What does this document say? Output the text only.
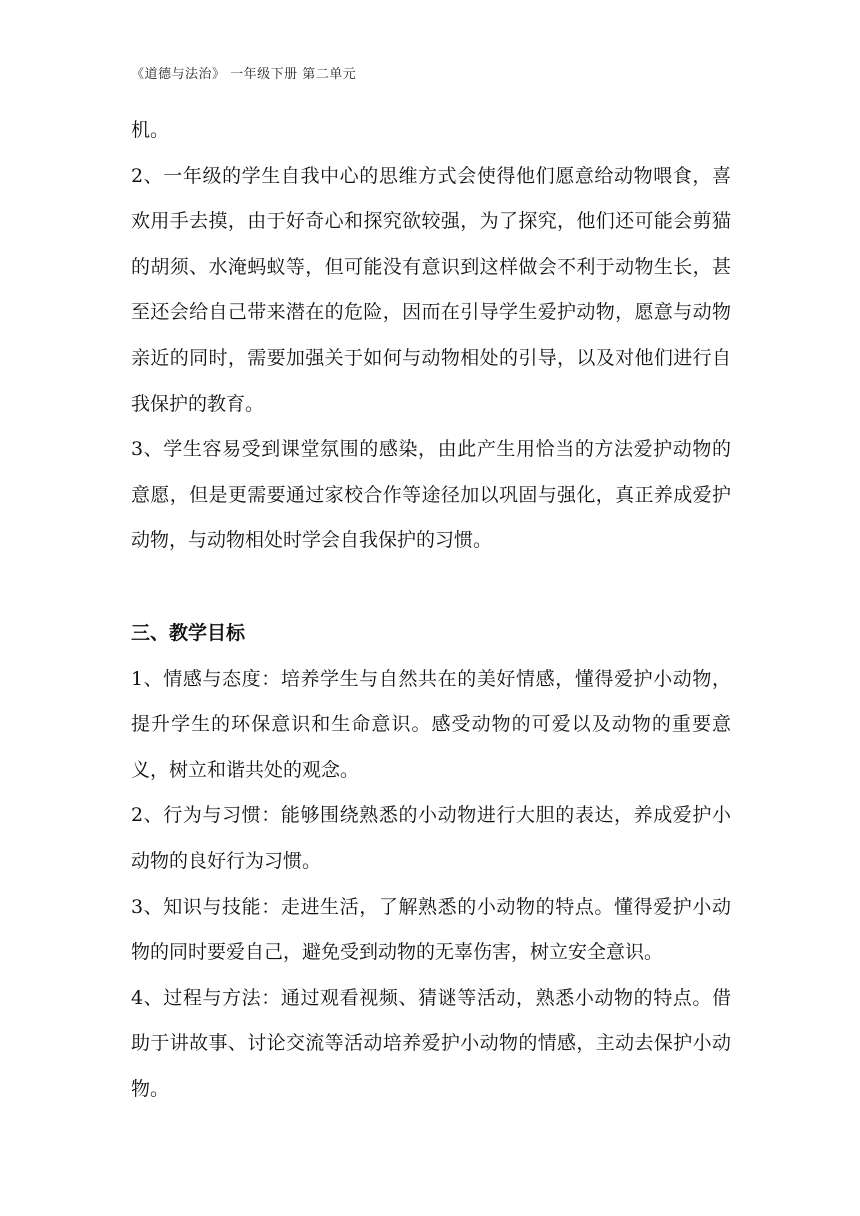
《道德与法治》 一年级下册 第二单元

机。

2、一年级的学生自我中心的思维方式会使得他们愿意给动物喂食，喜欢用手去摸，由于好奇心和探究欲较强，为了探究，他们还可能会剪猫的胡须、水淹蚂蚁等，但可能没有意识到这样做会不利于动物生长，甚至还会给自己带来潜在的危险，因而在引导学生爱护动物，愿意与动物亲近的同时，需要加强关于如何与动物相处的引导，以及对他们进行自我保护的教育。

3、学生容易受到课堂氛围的感染，由此产生用恰当的方法爱护动物的意愿，但是更需要通过家校合作等途径加以巩固与强化，真正养成爱护动物，与动物相处时学会自我保护的习惯。

三、教学目标

1、情感与态度：培养学生与自然共在的美好情感，懂得爱护小动物，提升学生的环保意识和生命意识。感受动物的可爱以及动物的重要意义，树立和谐共处的观念。

2、行为与习惯：能够围绕熟悉的小动物进行大胆的表达，养成爱护小动物的良好行为习惯。

3、知识与技能：走进生活，了解熟悉的小动物的特点。懂得爱护小动物的同时要爱自己，避免受到动物的无辜伤害，树立安全意识。

4、过程与方法：通过观看视频、猜谜等活动，熟悉小动物的特点。借助于讲故事、讨论交流等活动培养爱护小动物的情感，主动去保护小动物。
